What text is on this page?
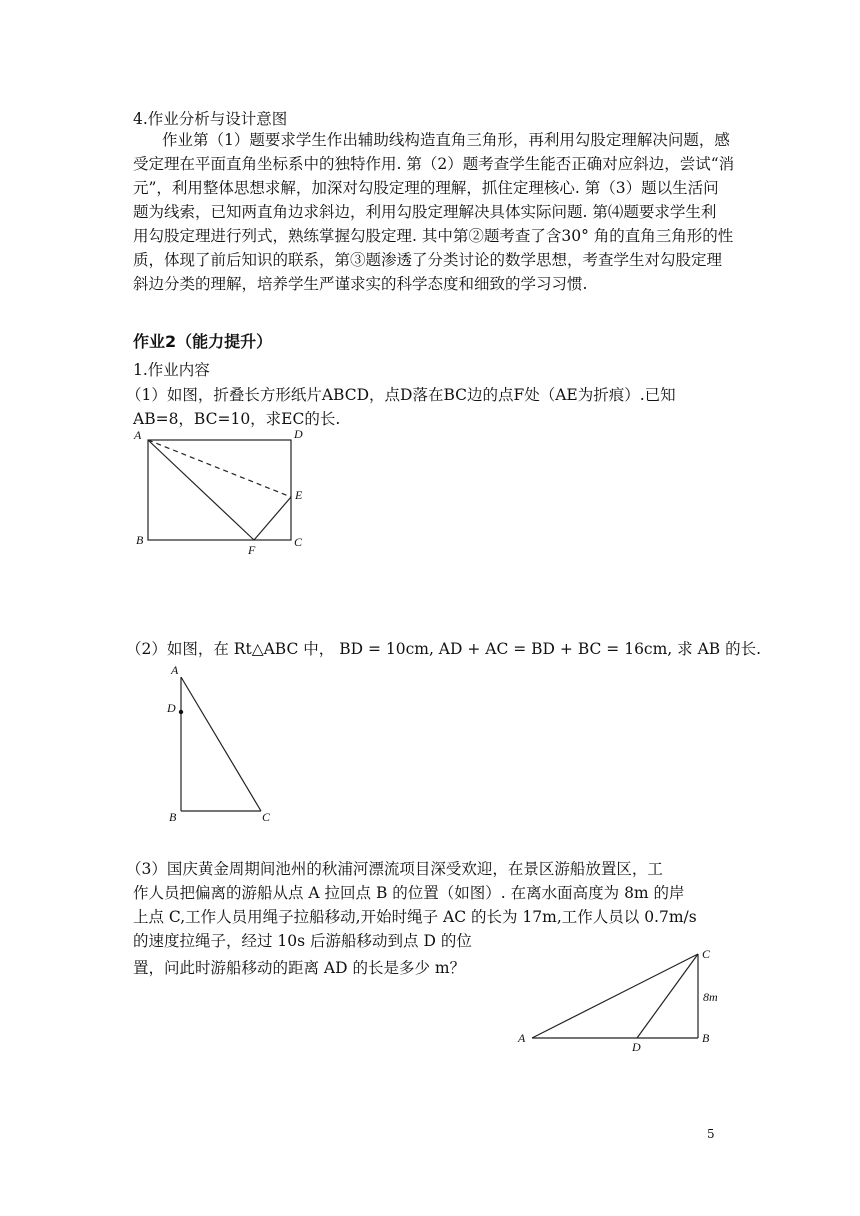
4.作业分析与设计意图
作业第（1）题要求学生作出辅助线构造直角三角形，再利用勾股定理解决问题，感
受定理在平面直角坐标系中的独特作用. 第（2）题考查学生能否正确对应斜边，尝试“消
元”，利用整体思想求解，加深对勾股定理的理解，抓住定理核心. 第（3）题以生活问
题为线索，已知两直角边求斜边，利用勾股定理解决具体实际问题. 第⑷题要求学生利
用勾股定理进行列式，熟练掌握勾股定理. 其中第②题考查了含30° 角的直角三角形的性
质，体现了前后知识的联系，第③题渗透了分类讨论的数学思想，考查学生对勾股定理
斜边分类的理解，培养学生严谨求实的科学态度和细致的学习习惯.
作业2（能力提升）
1.作业内容
（1）如图，折叠长方形纸片ABCD，点D落在BC边的点F处（AE为折痕）.已知
AB=8，BC=10，求EC的长.
A	D
E
B
F
C
（2）如图，在 Rt△ABC 中， BD = 10cm, AD + AC = BD + BC = 16cm, 求 AB 的长.
A
D
B	C
（3）国庆黄金周期间池州的秋浦河漂流项目深受欢迎，在景区游船放置区，工
作人员把偏离的游船从点 A 拉回点 B 的位置（如图）. 在离水面高度为 8m 的岸
上点 C,工作人员用绳子拉船移动,开始时绳子 AC 的长为 17m,工作人员以 0.7m/s
的速度拉绳子，经过 10s 后游船移动到点 D 的位
置，问此时游船移动的距离 AD 的长是多少 m？
A
C
B
D
8m
5
